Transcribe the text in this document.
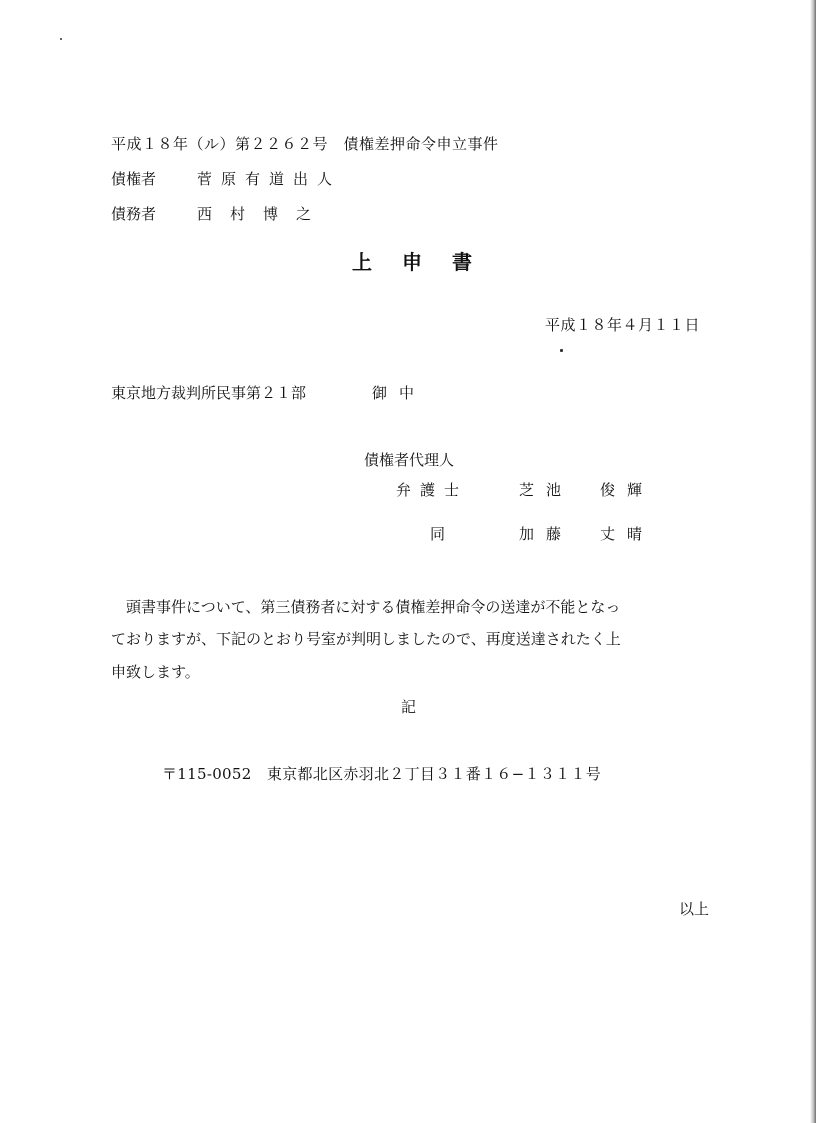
平成１８年（ル）第２２６２号　債権差押命令申立事件
債権者	菅原有道出人
債務者	西村博之
上申書
平成１８年４月１１日
東京地方裁判所民事第２１部	御中
債権者代理人
弁護士	芝池　俊輝
同	加藤　丈晴
　頭書事件について、第三債務者に対する債権差押命令の送達が不能となっ
ておりますが、下記のとおり号室が判明しましたので、再度送達されたく上
申致します。
記
〒115-0052　東京都北区赤羽北２丁目３１番１６−１３１１号
以上
